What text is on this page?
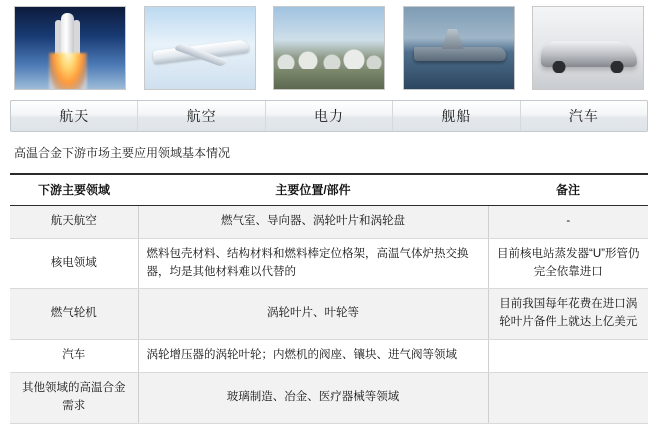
航天	航空	电力	舰船	汽车
高温合金下游市场主要应用领域基本情况
下游主要领域	主要位置/部件	备注
航天航空	燃气室、导向器、涡轮叶片和涡轮盘	-
核电领域	燃料包壳材料、结构材料和燃料棒定位格架，高温气体炉热交换器，均是其他材料难以代替的	目前核电站蒸发器“U”形管仍完全依靠进口
燃气轮机	涡轮叶片、叶轮等	目前我国每年花费在进口涡轮叶片备件上就达上亿美元
汽车	涡轮增压器的涡轮叶轮；内燃机的阀座、镶块、进气阀等领域	
其他领域的高温合金需求	玻璃制造、冶金、医疗器械等领域	
